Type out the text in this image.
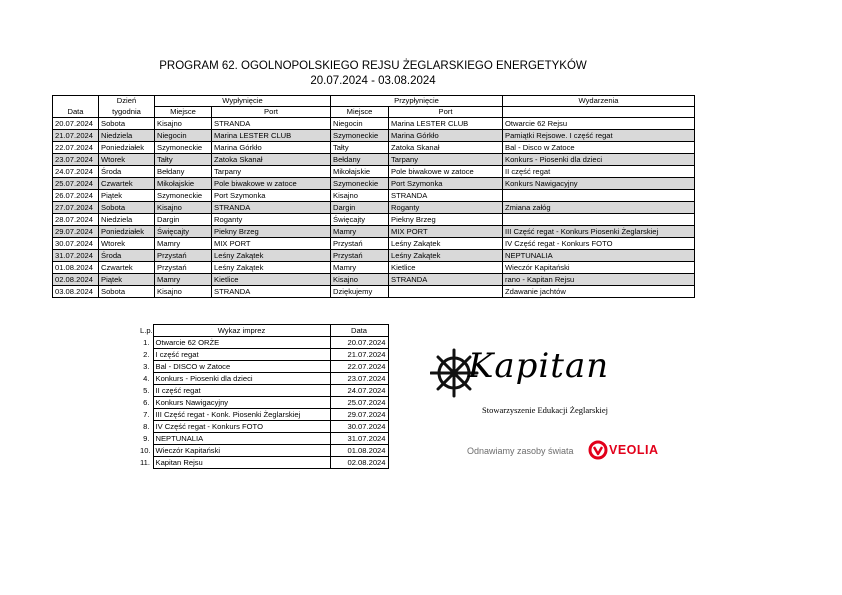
PROGRAM 62. OGOLNOPOLSKIEGO REJSU ŻEGLARSKIEGO ENERGETYKÓW
20.07.2024 - 03.08.2024
	Dzień	Wypłynięcie		Przypłynięcie		Wydarzenia
Data	tygodnia	Miejsce	Port	Miejsce	Port	
20.07.2024	Sobota	Kisajno	STRANDA	Niegocin	Marina LESTER CLUB	Otwarcie 62 Rejsu
21.07.2024	Niedziela	Niegocin	Marina LESTER CLUB	Szymoneckie	Marina Górkło	Pamiątki Rejsowe. I część regat
22.07.2024	Poniedziałek	Szymoneckie	Marina Górkło	Tałty	Zatoka Skanał	Bal - Disco w Zatoce
23.07.2024	Wtorek	Tałty	Zatoka Skanał	Bełdany	Tarpany	Konkurs - Piosenki dla dzieci
24.07.2024	Środa	Bełdany	Tarpany	Mikołajskie	Pole biwakowe w zatoce	II część regat
25.07.2024	Czwartek	Mikołajskie	Pole biwakowe w zatoce	Szymoneckie	Port Szymonka	Konkurs Nawigacyjny
26.07.2024	Piątek	Szymoneckie	Port Szymonka	Kisajno	STRANDA	
27.07.2024	Sobota	Kisajno	STRANDA	Dargin	Roganty	Zmiana załóg
28.07.2024	Niedziela	Dargin	Roganty	Święcajty	Piekny Brzeg	
29.07.2024	Poniedziałek	Święcajty	Piekny Brzeg	Mamry	MIX PORT	III Część regat - Konkurs Piosenki Żeglarskiej
30.07.2024	Wtorek	Mamry	MIX PORT	Przystań	Leśny Zakątek	IV Część regat - Konkurs FOTO
31.07.2024	Środa	Przystań	Leśny Zakątek	Przystań	Leśny Zakątek	NEPTUNALIA
01.08.2024	Czwartek	Przystań	Leśny Zakątek	Mamry	Kietlice	Wieczór Kapitański
02.08.2024	Piątek	Mamry	Kietlice	Kisajno	STRANDA	rano - Kapitan Rejsu
03.08.2024	Sobota	Kisajno	STRANDA	Dziękujemy		Zdawanie jachtów
L.p.	Wykaz imprez	Data
1.	Otwarcie 62 ORŻE	20.07.2024
2.	I część regat	21.07.2024
3.	Bal - DISCO w Zatoce	22.07.2024
4.	Konkurs - Piosenki dla dzieci	23.07.2024
5.	II część regat	24.07.2024
6.	Konkurs Nawigacyjny	25.07.2024
7.	III Część regat - Konk. Piosenki Żeglarskiej	29.07.2024
8.	IV Część regat - Konkurs FOTO	30.07.2024
9.	NEPTUNALIA	31.07.2024
10.	Wieczór Kapitański	01.08.2024
11.	Kapitan Rejsu	02.08.2024
Kapitan
Stowarzyszenie Edukacji Żeglarskiej
Odnawiamy zasoby świata	VEOLIA
